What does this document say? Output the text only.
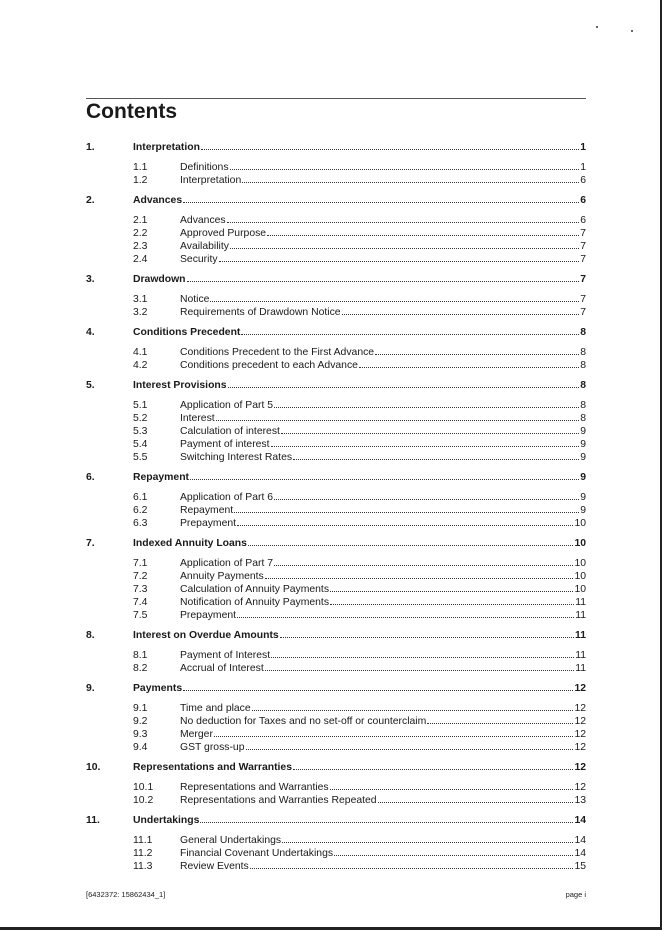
Contents
1.	Interpretation	1
1.1	Definitions	1
1.2	Interpretation	6
2.	Advances	6
2.1	Advances	6
2.2	Approved Purpose	7
2.3	Availability	7
2.4	Security	7
3.	Drawdown	7
3.1	Notice	7
3.2	Requirements of Drawdown Notice	7
4.	Conditions Precedent	8
4.1	Conditions Precedent to the First Advance	8
4.2	Conditions precedent to each Advance	8
5.	Interest Provisions	8
5.1	Application of Part 5	8
5.2	Interest	8
5.3	Calculation of interest	9
5.4	Payment of interest	9
5.5	Switching Interest Rates	9
6.	Repayment	9
6.1	Application of Part 6	9
6.2	Repayment	9
6.3	Prepayment	10
7.	Indexed Annuity Loans	10
7.1	Application of Part 7	10
7.2	Annuity Payments	10
7.3	Calculation of Annuity Payments	10
7.4	Notification of Annuity Payments	11
7.5	Prepayment	11
8.	Interest on Overdue Amounts	11
8.1	Payment of Interest	11
8.2	Accrual of Interest	11
9.	Payments	12
9.1	Time and place	12
9.2	No deduction for Taxes and no set-off or counterclaim	12
9.3	Merger	12
9.4	GST gross-up	12
10.	Representations and Warranties	12
10.1	Representations and Warranties	12
10.2	Representations and Warranties Repeated	13
11.	Undertakings	14
11.1	General Undertakings	14
11.2	Financial Covenant Undertakings	14
11.3	Review Events	15
[6432372: 15862434_1]	page i
